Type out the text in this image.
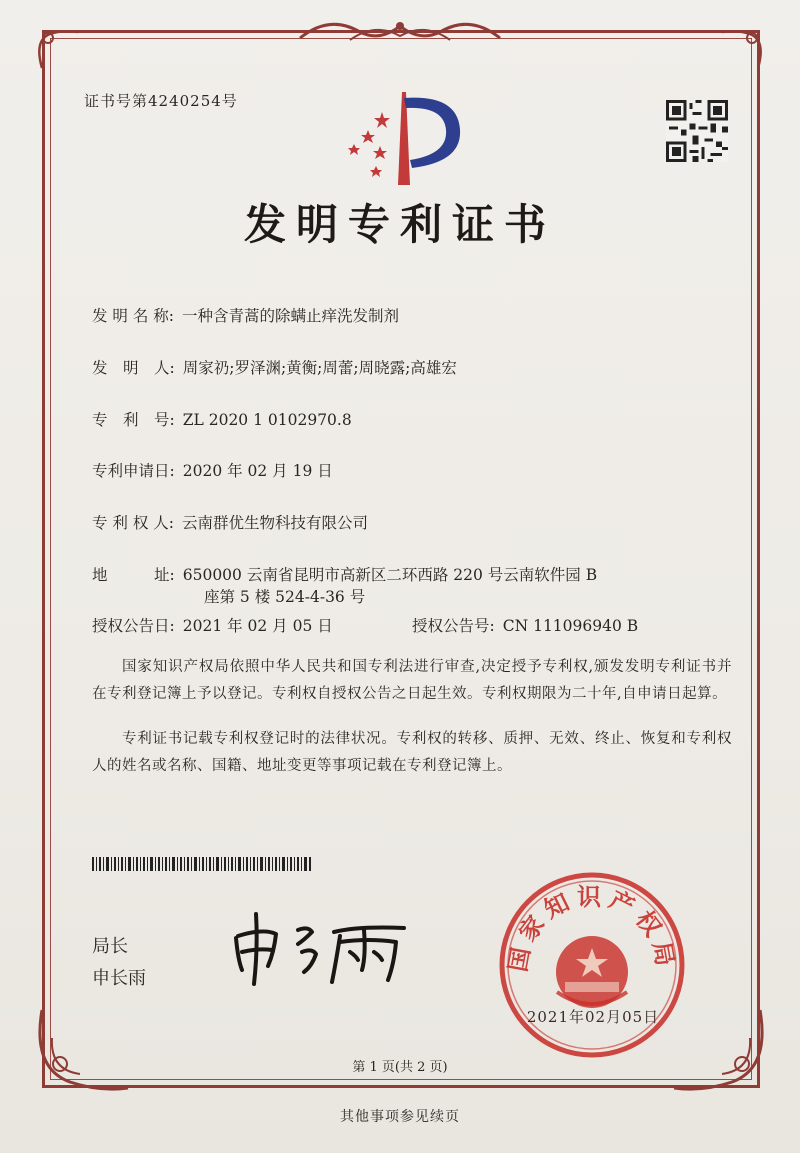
证书号第4240254号
发明专利证书
发 明 名 称: 一种含青蒿的除螨止痒洗发制剂
发　明　人: 周家礽;罗泽渊;黄衡;周蕾;周晓露;高雄宏
专　利　号: ZL 2020 1 0102970.8
专利申请日: 2020 年 02 月 19 日
专 利 权 人: 云南群优生物科技有限公司
地　　　址: 650000 云南省昆明市高新区二环西路 220 号云南软件园 B
座第 5 楼 524-4-36 号
授权公告日: 2021 年 02 月 05 日	授权公告号: CN 111096940 B
国家知识产权局依照中华人民共和国专利法进行审查,决定授予专利权,颁发发明专利证书并在专利登记簿上予以登记。专利权自授权公告之日起生效。专利权期限为二十年,自申请日起算。
专利证书记载专利权登记时的法律状况。专利权的转移、质押、无效、终止、恢复和专利权人的姓名或名称、国籍、地址变更等事项记载在专利登记簿上。
局长
申长雨
国家知识产权局
2021年02月05日
第 1 页(共 2 页)
其他事项参见续页
